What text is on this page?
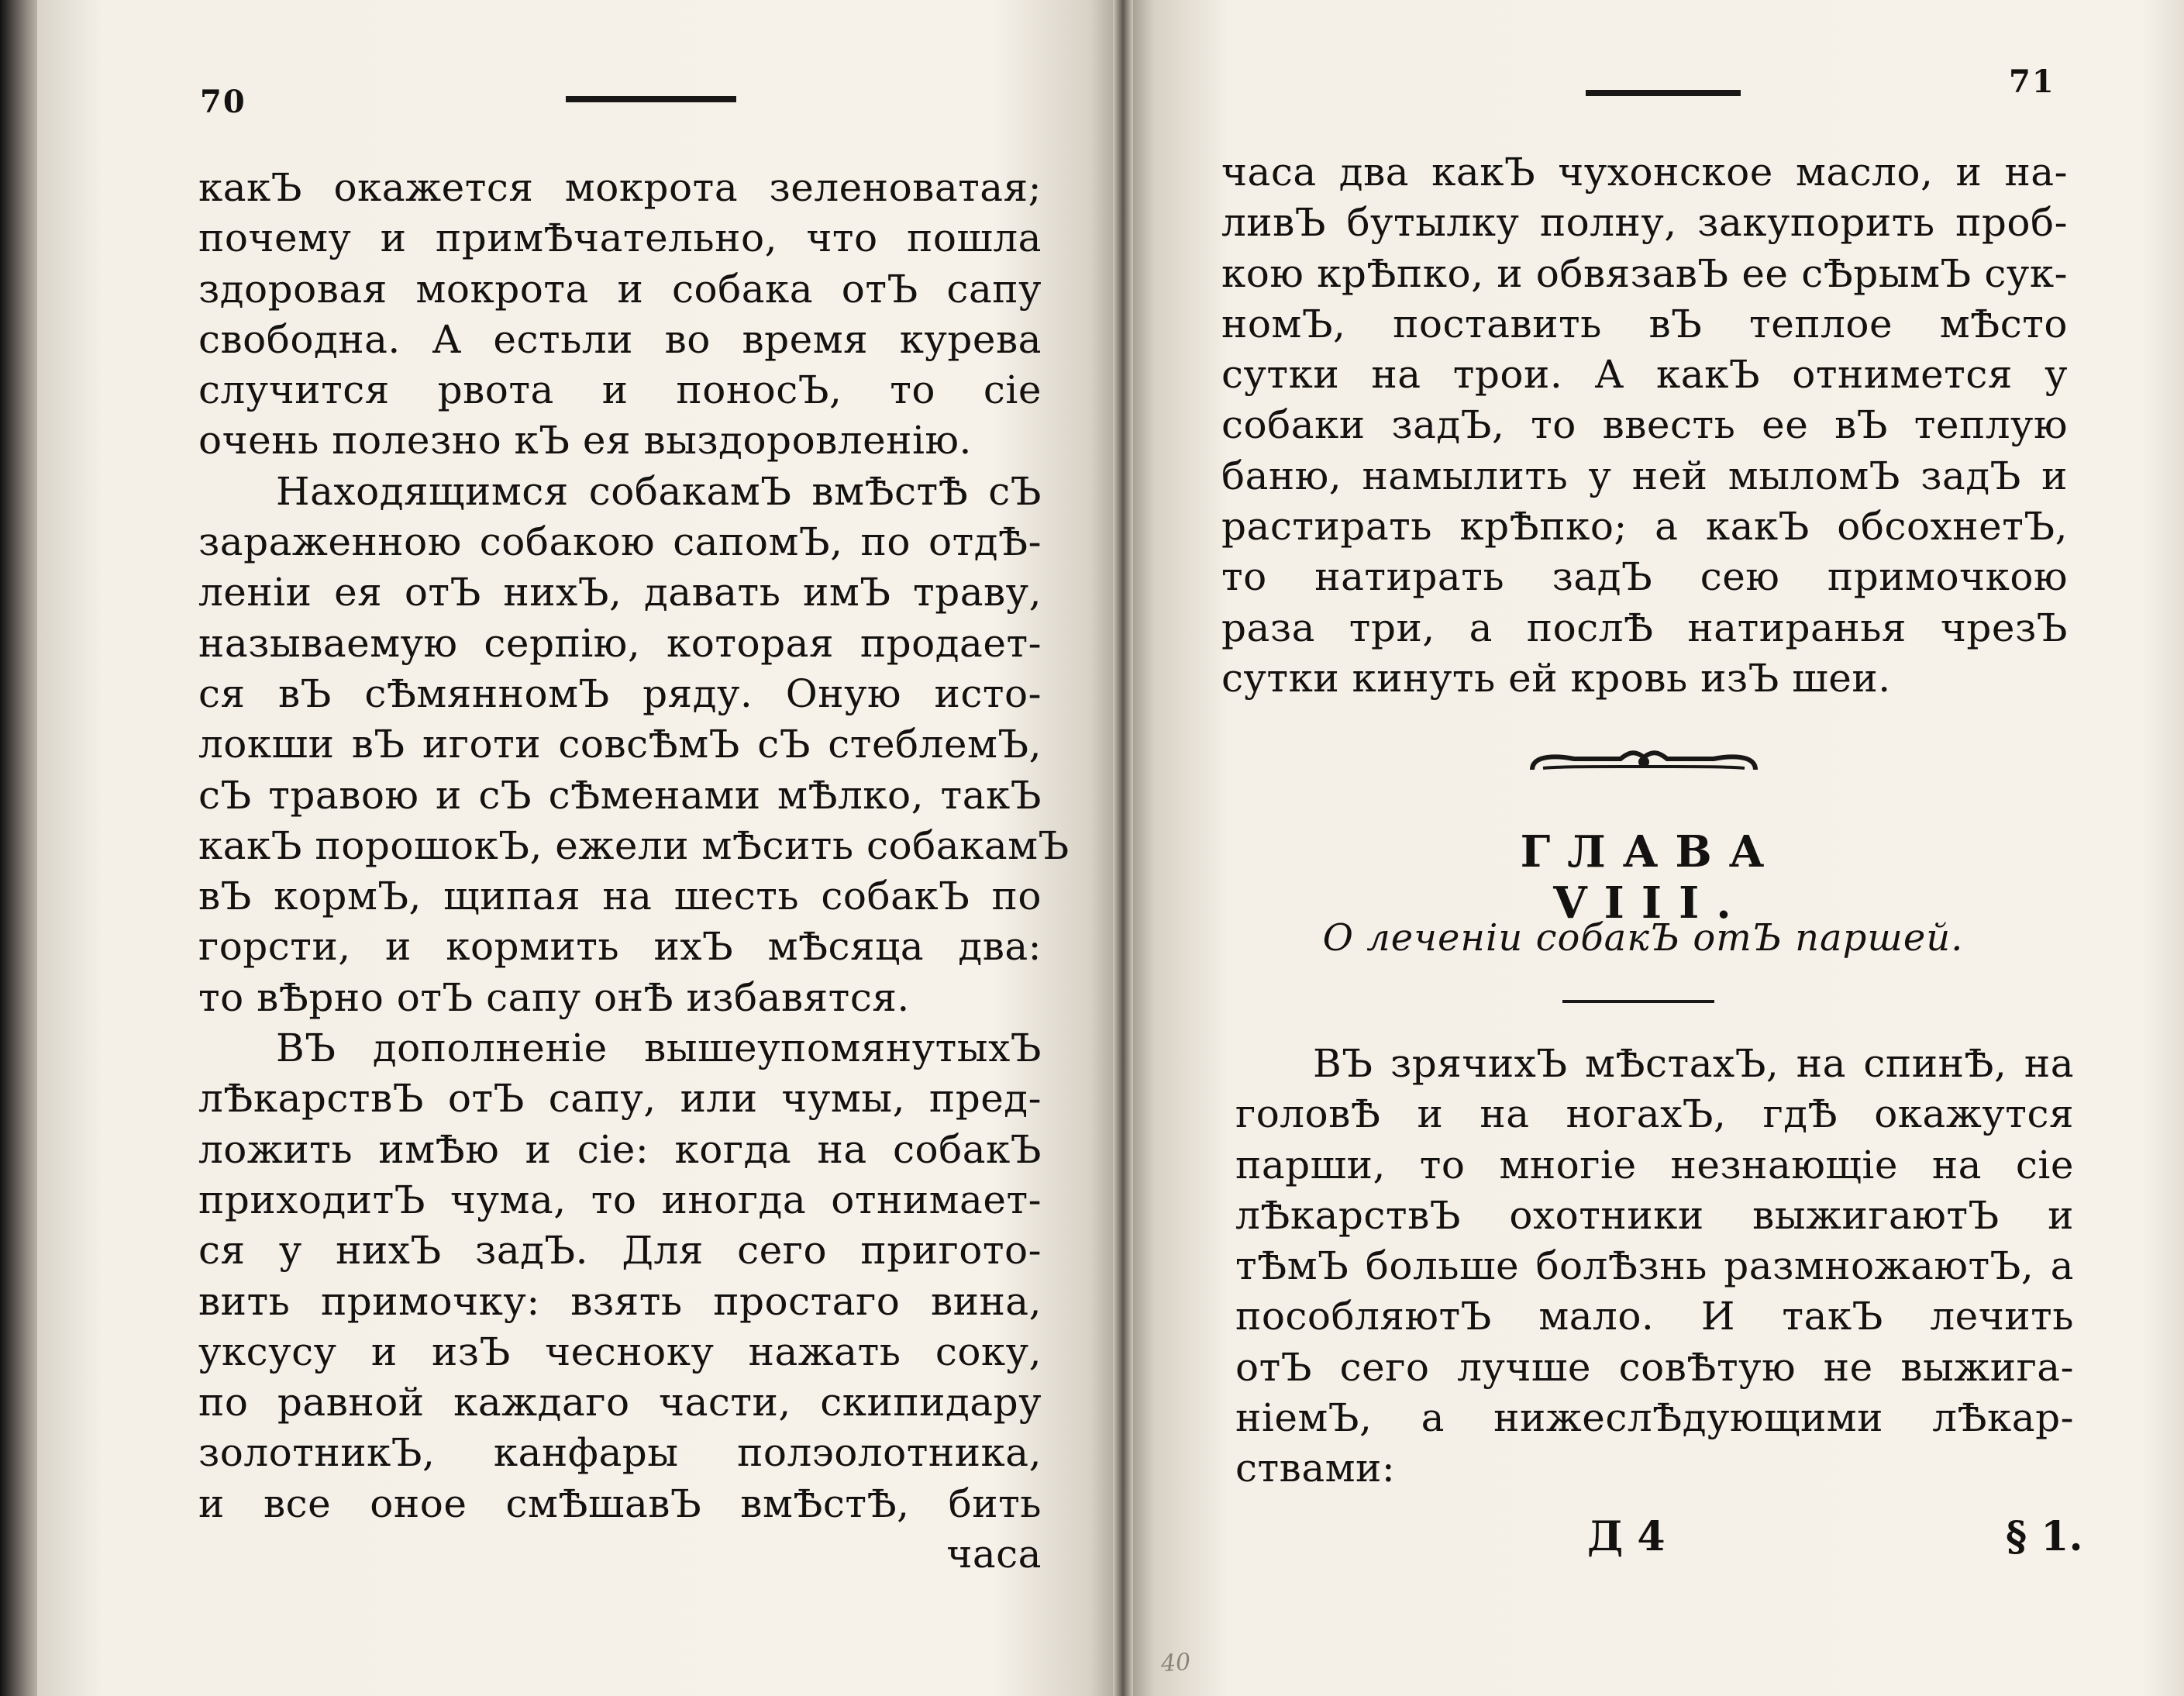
70
какЪ окажется мокрота зеленоватая;
почему и примѢчательно, что пошла
здоровая мокрота и собака отЪ сапу
свободна. А естьли во время курева
случится рвота и поносЪ, то сіе
очень полезно кЪ ея выздоровленію.
Находящимся собакамЪ вмѢстѢ сЪ
зараженною собакою сапомЪ, по отдѢ-
леніи ея отЪ нихЪ, давать имЪ траву,
называемую серпію, которая продает-
ся вЪ сѢмянномЪ ряду. Оную исто-
локши вЪ иготи совсѢмЪ сЪ стеблемЪ,
сЪ травою и сЪ сѢменами мѢлко, такЪ
какЪ порошокЪ, ежели мѢсить собакамЪ
вЪ кормЪ, щипая на шесть собакЪ по
горсти, и кормить ихЪ мѢсяца два:
то вѢрно отЪ сапу онѢ избавятся.
ВЪ дополненіе вышеупомянутыхЪ
лѢкарствЪ отЪ сапу, или чумы, пред-
ложить имѢю и сіе: когда на собакЪ
приходитЪ чума, то иногда отнимает-
ся у нихЪ задЪ. Для сего пригото-
вить примочку: взять простаго вина,
уксусу и изЪ чесноку нажать соку,
по равной каждаго части, скипидару
золотникЪ, канфары полэолотника,
и все оное смѢшавЪ вмѢстѢ, бить
часа
71
часа два какЪ чухонское масло, и на-
ливЪ бутылку полну, закупорить проб-
кою крѢпко, и обвязавЪ ее сѢрымЪ сук-
номЪ, поставить вЪ теплое мѢсто
сутки на трои. А какЪ отнимется у
собаки задЪ, то ввесть ее вЪ теплую
баню, намылить у ней мыломЪ задЪ и
растирать крѢпко; а какЪ обсохнетЪ,
то натирать задЪ сею примочкою
раза три, а послѢ натиранья чрезЪ
сутки кинуть ей кровь изЪ шеи.
ГЛАВА VIII.
О леченіи собакЪ отЪ паршей.
ВЪ зрячихЪ мѢстахЪ, на спинѢ, на
головѢ и на ногахЪ, гдѢ окажутся
парши, то многіе незнающіе на сіе
лѢкарствЪ охотники выжигаютЪ и
тѢмЪ больше болѢзнь размножаютЪ, а
пособляютЪ мало. И такЪ лечить
отЪ сего лучше совѢтую не выжига-
ніемЪ, а нижеслѢдующими лѢкар-
ствами:
Д 4	§ 1.
40
